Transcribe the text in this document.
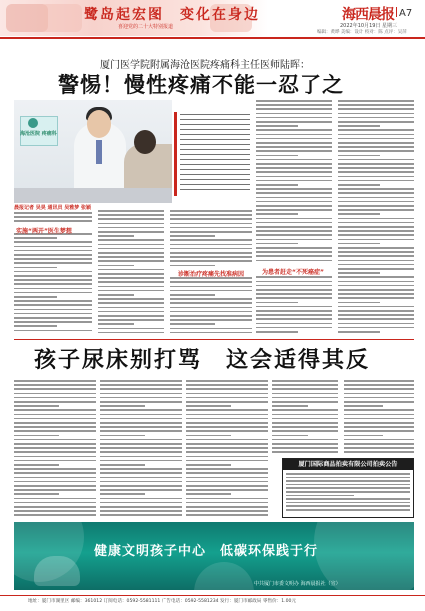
鹭岛起宏图　变化在身边
喜迎党的二十大特别报道
海西晨报 A7
2022年10月19日 星期三
编辑：黄晔 美编：设计 校对：陈 点评：吴萍
厦门医学院附属海沧医院疼痛科主任医师陆晖：
警惕！慢性疼痛不能一忍了之
海沧医院 疼痛科
晨报记者 吴昊 通讯员 吴雅梦 张颖
实施“两开”医生梦想
诊断治疗疼痛先找准病因	为患者赶走“不死癌症”
孩子尿床别打骂　这会适得其反
厦门国际商品拍卖有限公司拍卖公告
健康文明孩子中心　低碳环保践于行
中共厦门市委文明办 海西晨报社（宣）
地址：厦门市湖里区 邮编：361012 订阅电话：0592-5581111 广告电话：0592-5581234 发行：厦门市邮政局 零售价：1.00元
